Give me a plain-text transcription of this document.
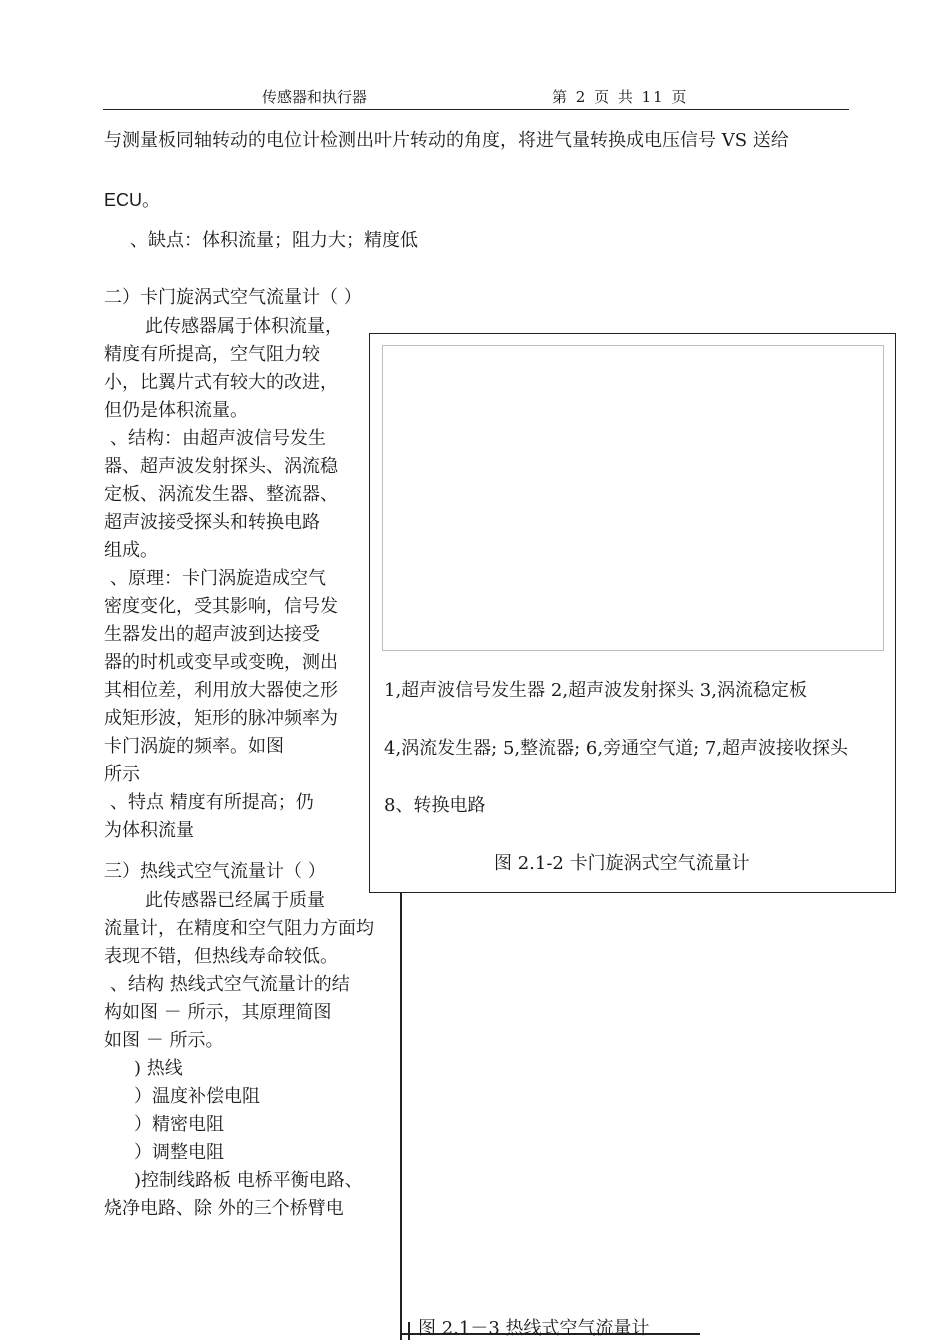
传感器和执行器	第 2 页 共 11 页
与测量板同轴转动的电位计检测出叶片转动的角度，将进气量转换成电压信号 VS 送给
ECU。
、缺点：体积流量；阻力大；精度低
二）卡门旋涡式空气流量计（ ）
此传感器属于体积流量，
精度有所提高，空气阻力较
小，比翼片式有较大的改进，
但仍是体积流量。
、结构：由超声波信号发生
器、超声波发射探头、涡流稳
定板、涡流发生器、整流器、
超声波接受探头和转换电路
组成。
、原理：卡门涡旋造成空气
密度变化，受其影响，信号发
生器发出的超声波到达接受
器的时机或变早或变晚，测出
其相位差，利用放大器使之形
成矩形波，矩形的脉冲频率为
卡门涡旋的频率。如图
所示
、特点 精度有所提高；仍
为体积流量
三）热线式空气流量计（ ）
此传感器已经属于质量
流量计，在精度和空气阻力方面均
表现不错，但热线寿命较低。
、结构 热线式空气流量计的结
构如图 － 所示，其原理简图
如图 － 所示。
) 热线
）温度补偿电阻
）精密电阻
）调整电阻
)控制线路板 电桥平衡电路、
烧净电路、除 外的三个桥臂电
1,超声波信号发生器 2,超声波发射探头 3,涡流稳定板
4,涡流发生器; 5,整流器; 6,旁通空气道; 7,超声波接收探头
8、转换电路
图 2.1-2 卡门旋涡式空气流量计
图 2.1－3 热线式空气流量计
